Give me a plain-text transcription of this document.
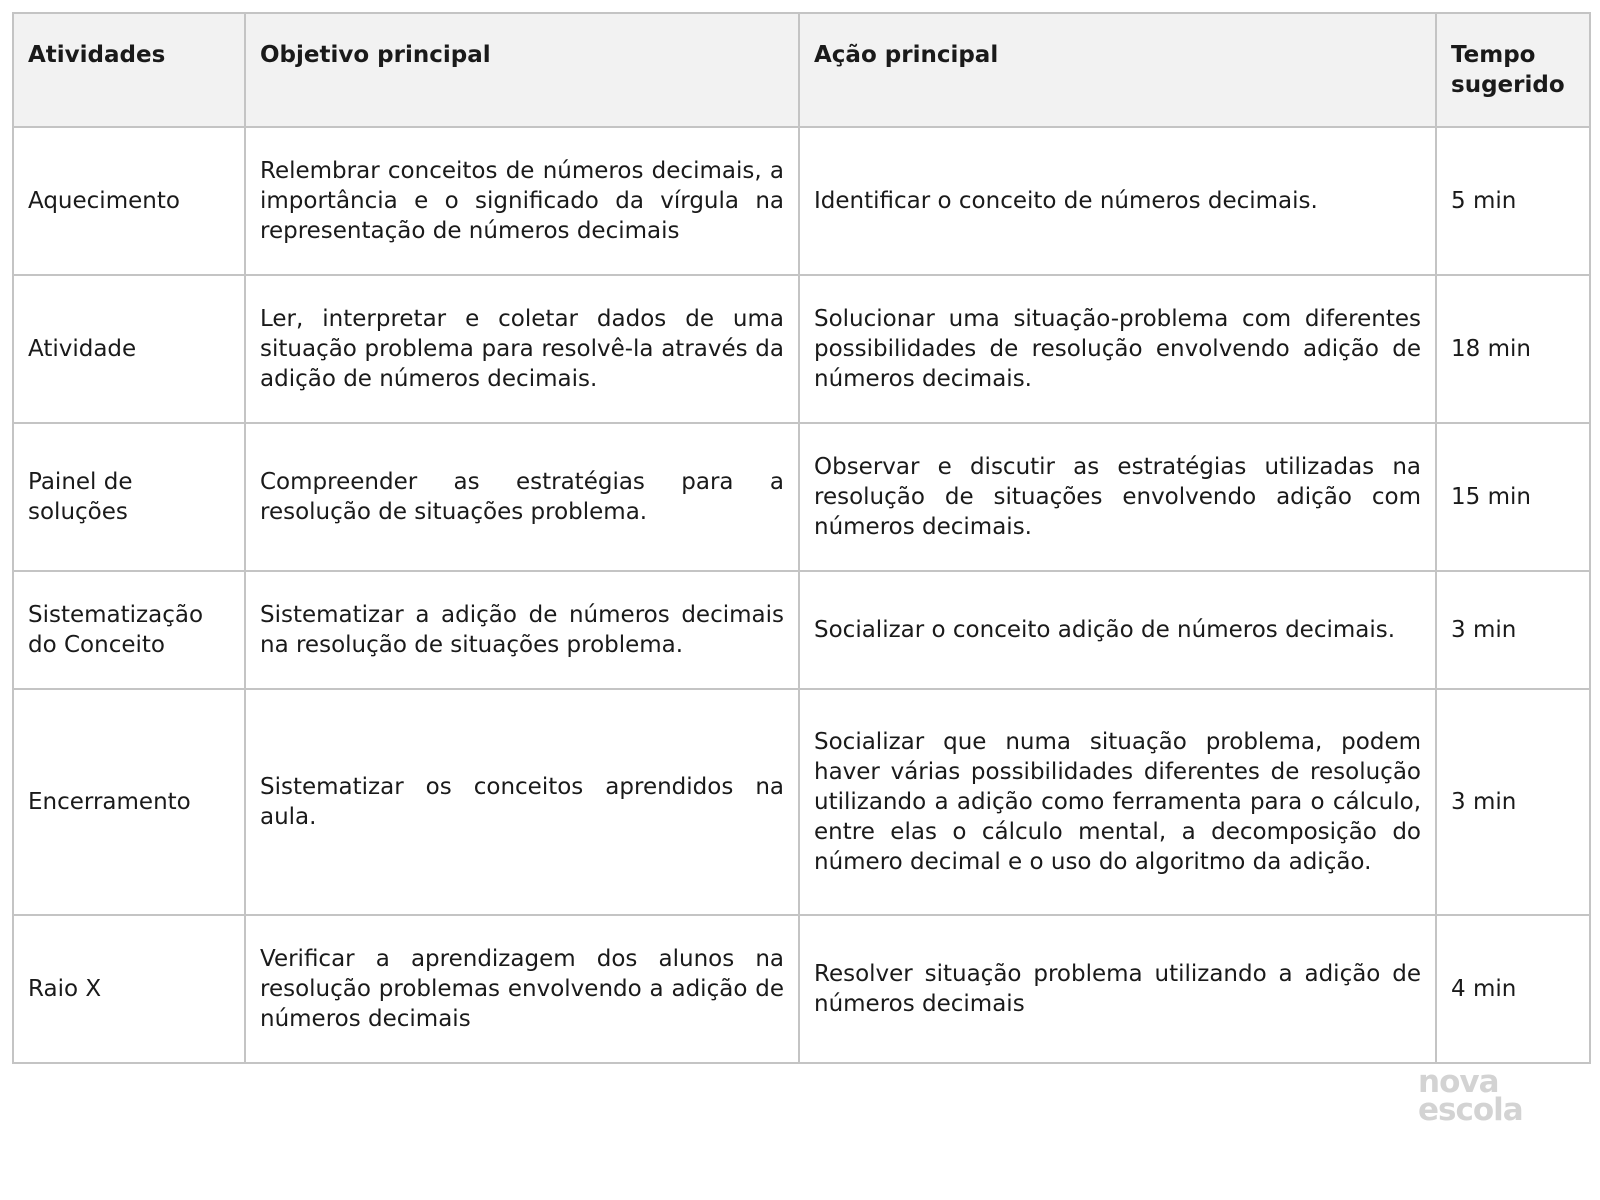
Atividades	Objetivo principal	Ação principal	Tempo sugerido
Aquecimento	Relembrar conceitos de números decimais, a importância e o significado da vírgula na representação de números decimais	Identificar o conceito de números decimais.	5 min
Atividade	Ler, interpretar e coletar dados de uma situação problema para resolvê-la através da adição de números decimais.	Solucionar uma situação-problema com diferentes possibilidades de resolução envolvendo adição de números decimais.	18 min
Painel de soluções	Compreender as estratégias para a resolução de situações problema.	Observar e discutir as estratégias utilizadas na resolução de situações envolvendo adição com números decimais.	15 min
Sistematização do Conceito	Sistematizar a adição de números decimais na resolução de situações problema.	Socializar o conceito adição de números decimais.	3 min
Encerramento	Sistematizar os conceitos aprendidos na aula.	Socializar que numa situação problema, podem haver várias possibilidades diferentes de resolução utilizando a adição como ferramenta para o cálculo, entre elas o cálculo mental, a decomposição do número decimal e o uso do algoritmo da adição.	3 min
Raio X	Verificar a aprendizagem dos alunos na resolução problemas envolvendo a adição de números decimais	Resolver situação problema utilizando a adição de números decimais	4 min
nova
escola
